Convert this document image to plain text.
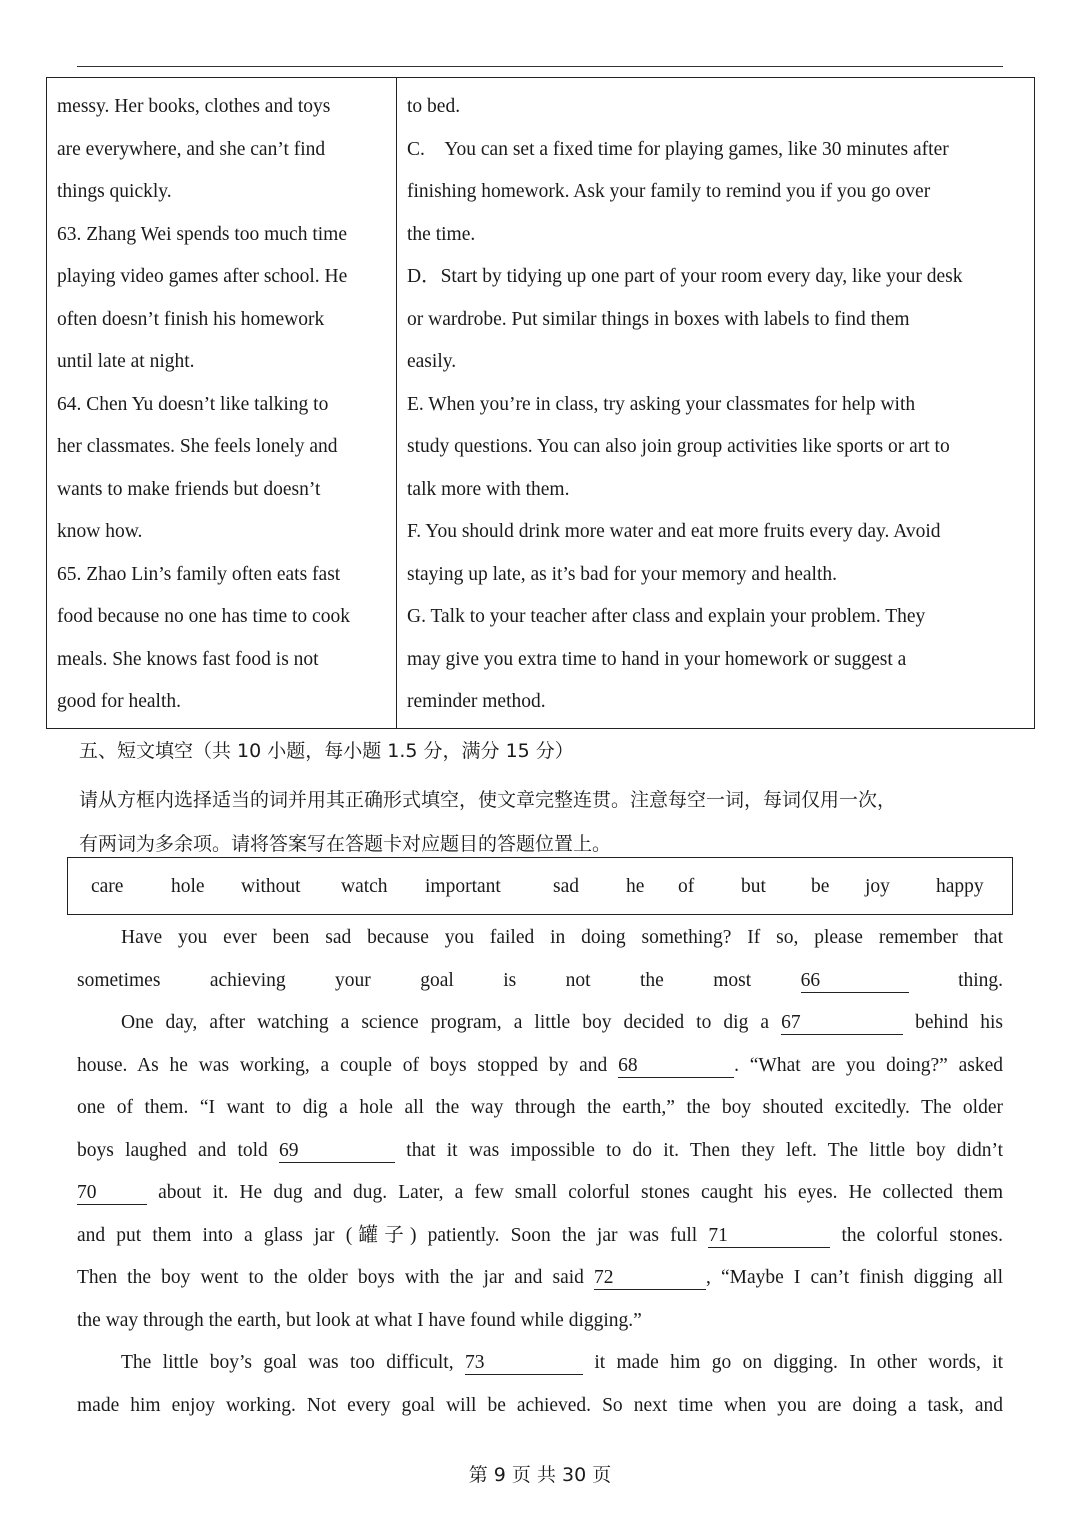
messy. Her books, clothes and toys
are everywhere, and she can’t find
things quickly.
63. Zhang Wei spends too much time
playing video games after school. He
often doesn’t finish his homework
until late at night.
64. Chen Yu doesn’t like talking to
her classmates. She feels lonely and
wants to make friends but doesn’t
know how.
65. Zhao Lin’s family often eats fast
food because no one has time to cook
meals. She knows fast food is not
good for health.
to bed.
C.　You can set a fixed time for playing games, like 30 minutes after
finishing homework. Ask your family to remind you if you go over
the time.
D．Start by tidying up one part of your room every day, like your desk
or wardrobe. Put similar things in boxes with labels to find them
easily.
E. When you’re in class, try asking your classmates for help with
study questions. You can also join group activities like sports or art to
talk more with them.
F. You should drink more water and eat more fruits every day. Avoid
staying up late, as it’s bad for your memory and health.
G. Talk to your teacher after class and explain your problem. They
may give you extra time to hand in your homework or suggest a
reminder method.
五、短文填空（共 10 小题，每小题 1.5 分，满分 15 分）
请从方框内选择适当的词并用其正确形式填空，使文章完整连贯。注意每空一词，每词仅用一次，
有两词为多余项。请将答案写在答题卡对应题目的答题位置上。
care hole without watch important	sad he of but be joy happy

Have you ever been sad because you failed in doing something? If so, please remember that

sometimes achieving your goal is not the most	66	thing.

One day, after watching a science program, a little boy decided to dig a 67	behind his

house. As he was working, a couple of boys stopped by and 68	. “What are you doing?” asked

one of them. “I want to dig a hole all the way through the earth,” the boy shouted excitedly. The older

boys laughed and told 69	that it was impossible to do it. Then they left. The little boy didn’t

70	about it. He dug and dug. Later, a few small colorful stones caught his eyes. He collected them

and put them into a glass jar (罐子) patiently. Soon the jar was full 71	the colorful stones.

Then the boy went to the older boys with the jar and said 72	, “Maybe I can’t finish digging all

the way through the earth, but look at what I have found while digging.”

The little boy’s goal was too difficult, 73	it made him go on digging. In other words, it

made him enjoy working. Not every goal will be achieved. So next time when you are doing a task, and

第 9 页 共 30 页
